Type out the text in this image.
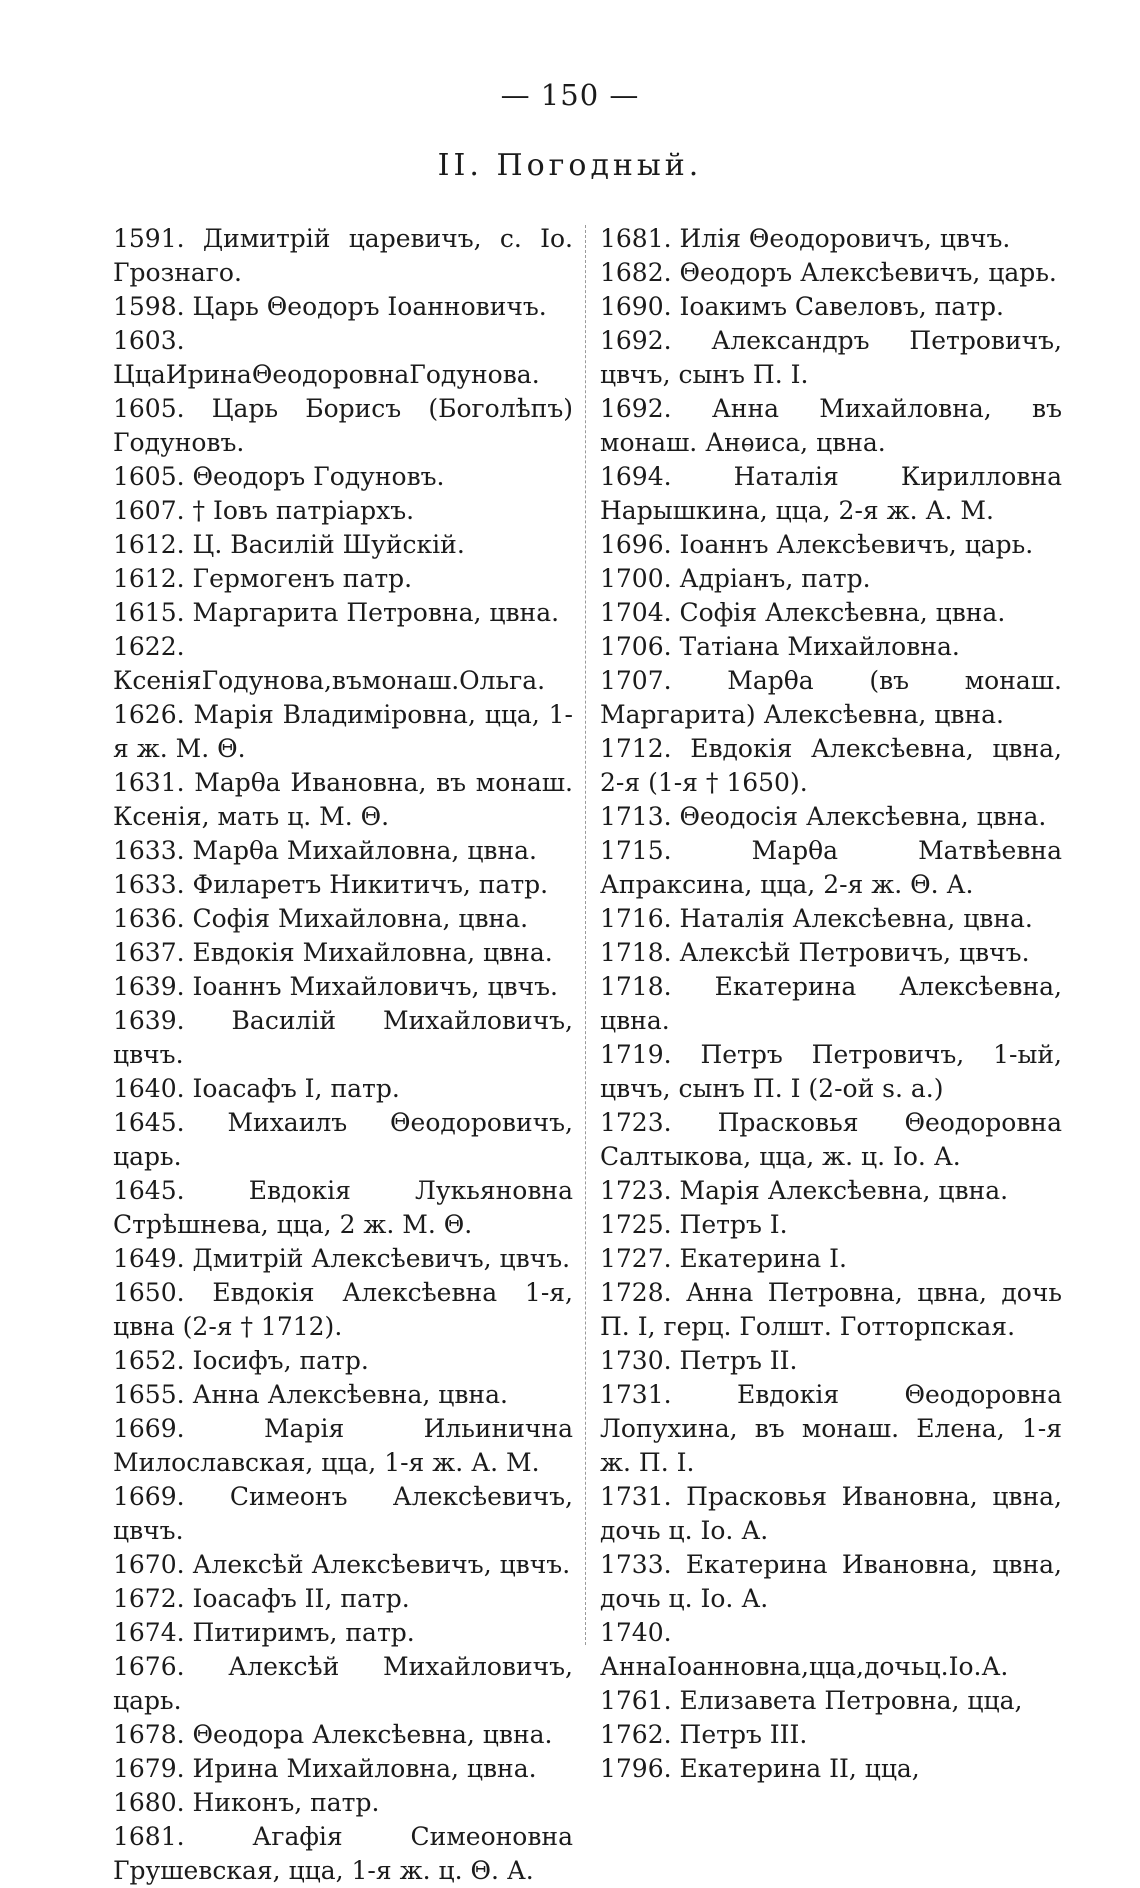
— 150 —
II. Погодный.
1591. Димитрій царевичъ, с. Іо. Грознаго.
1598. Царь Θеодоръ Іоанновичъ.
1603. ЦцаИринаΘеодоровнаГодунова.
1605. Царь Борисъ (Боголѣпъ) Годуновъ.
1605. Θеодоръ Годуновъ.
1607. † Іовъ патріархъ.
1612. Ц. Василій Шуйскій.
1612. Гермогенъ патр.
1615. Маргарита Петровна, цвна.
1622. КсеніяГодунова,въмонаш.Ольга.
1626. Марія Владиміровна, цца, 1-я ж. М. Θ.
1631. Марθа Ивановна, въ монаш. Ксенія, мать ц. М. Θ.
1633. Марθа Михайловна, цвна.
1633. Филаретъ Никитичъ, патр.
1636. Софія Михайловна, цвна.
1637. Евдокія Михайловна, цвна.
1639. Іоаннъ Михайловичъ, цвчъ.
1639. Василій Михайловичъ, цвчъ.
1640. Іоасафъ I, патр.
1645. Михаилъ Θеодоровичъ, царь.
1645. Евдокія Лукьяновна Стрѣшнева, цца, 2 ж. М. Θ.
1649. Дмитрій Алексѣевичъ, цвчъ.
1650. Евдокія Алексѣевна 1-я, цвна (2-я † 1712).
1652. Іосифъ, патр.
1655. Анна Алексѣевна, цвна.
1669. Марія Ильинична Милославская, цца, 1-я ж. А. М.
1669. Симеонъ Алексѣевичъ, цвчъ.
1670. Алексѣй Алексѣевичъ, цвчъ.
1672. Іоасафъ II, патр.
1674. Питиримъ, патр.
1676. Алексѣй Михайловичъ, царь.
1678. Θеодора Алексѣевна, цвна.
1679. Ирина Михайловна, цвна.
1680. Никонъ, патр.
1681. Агафія Симеоновна Грушевская, цца, 1-я ж. ц. Θ. А.
1681. Илія Θеодоровичъ, цвчъ.
1682. Θеодоръ Алексѣевичъ, царь.
1690. Іоакимъ Савеловъ, патр.
1692. Александръ Петровичъ, цвчъ, сынъ П. I.
1692. Анна Михайловна, въ монаш. Анѳиса, цвна.
1694. Наталія Кирилловна Нарышкина, цца, 2-я ж. А. М.
1696. Іоаннъ Алексѣевичъ, царь.
1700. Адріанъ, патр.
1704. Софія Алексѣевна, цвна.
1706. Татіана Михайловна.
1707. Марθа (въ монаш. Маргарита) Алексѣевна, цвна.
1712. Евдокія Алексѣевна, цвна, 2-я (1-я † 1650).
1713. Θеодосія Алексѣевна, цвна.
1715. Марθа Матвѣевна Апраксина, цца, 2-я ж. Θ. А.
1716. Наталія Алексѣевна, цвна.
1718. Алексѣй Петровичъ, цвчъ.
1718. Екатерина Алексѣевна, цвна.
1719. Петръ Петровичъ, 1-ый, цвчъ, сынъ П. I (2-ой s. a.)
1723. Прасковья Θеодоровна Салтыкова, цца, ж. ц. Іо. А.
1723. Марія Алексѣевна, цвна.
1725. Петръ I.
1727. Екатерина I.
1728. Анна Петровна, цвна, дочь П. I, герц. Голшт. Готторпская.
1730. Петръ II.
1731. Евдокія Θеодоровна Лопухина, въ монаш. Елена, 1-я ж. П. I.
1731. Прасковья Ивановна, цвна, дочь ц. Іо. А.
1733. Екатерина Ивановна, цвна, дочь ц. Іо. А.
1740. АннаІоанновна,цца,дочьц.Іо.А.
1761. Елизавета Петровна, цца,
1762. Петръ III.
1796. Екатерина II, цца,
